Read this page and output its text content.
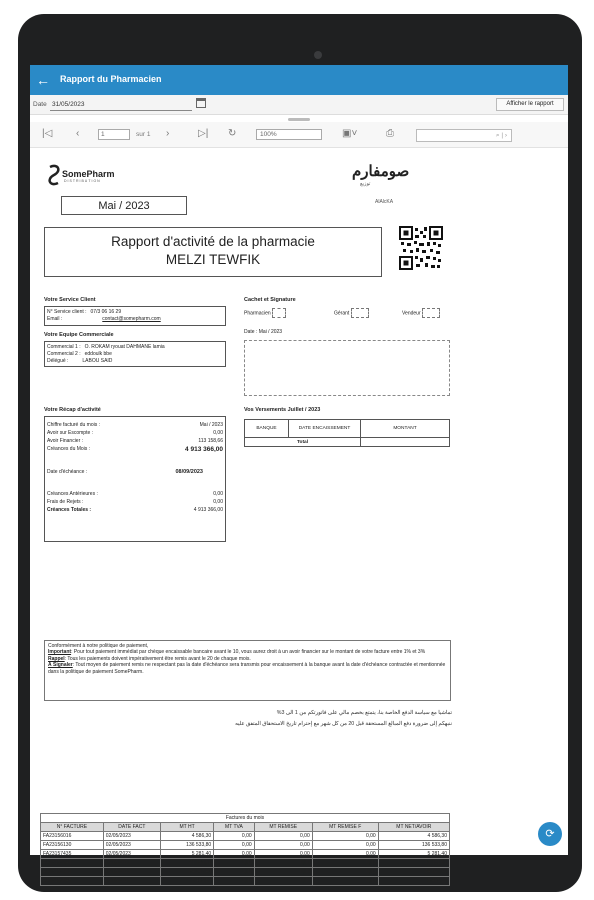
← Rapport du Pharmacien
Date 31/05/2023	Afficher le rapport
|◁ ‹	1	sur 1 ›	▷| ↻	100%	▣˅	⎙	⌕ | ›
SomePharm
DISTRIBUTION
صومفارم
توزيع
AlAlcKA
Mai / 2023
Rapport d'activité de la pharmacie
MELZI TEWFIK
Votre Service Client
N° Service client : 07/3 06 16 29
Email :	contact@somepharm.com
Votre Equipe Commerciale
Commercial 1 : O. ROKAM ryouat DAHMANE lamia
Commercial 2 : eddoulk bbe
Délégué :	LABOU SAID
Cachet et Signature
Pharmacien	Gérant	Vendeur
Date : Mai / 2023
Votre Récap d'activité
Chiffre facturé du mois :	Mai / 2023
Avoir sur Escompte :	0,00
Avoir Financier :	113 158,66
Créances du Mois :	4 913 366,00
Date d'échéance :	08/09/2023
Créances Antérieures :	0,00
Frais de Rejets :	0,00
Créances Totales :	4 913 366,00
Vos Versements Juillet / 2023
BANQUE	DATE ENCAISSEMENT	MONTANT
Total		
Conformément à notre politique de paiement,
Important: Pour tout paiement immédiat par chèque encaissable bancaire avant le 10, vous aurez droit à un avoir financier sur le montant de votre facture entre 1% et 3%
Rappel: Tous les paiements doivent impérativement être remis avant le 20 de chaque mois.
À Signaler: Tout moyen de paiement remis ne respectant pas la date d'échéance sera transmis pour encaissement à la banque avant la date d'échéance contractée et mentionnée dans la politique de paiement SomePharm.
تماشيا مع سياسة الدفع الخاصة بنا، يتمتع بخصم مالي على فاتورتكم من 1 الى 3%
ننبهكم إلى ضرورة دفع المبالغ المستحقة قبل 20 من كل شهر مع إحترام تاريخ الاستحقاق المتفق عليه
Factures du mois						
N° FACTURE	DATE FACT	MT HT	MT TVA	MT REMISE	MT REMISE F	MT NET/AVOIR
FA23156016	02/05/2023	4 586,30	0,00	0,00	0,00	4 586,30
FA23156130	02/05/2023	136 533,80	0,00	0,00	0,00	136 533,80
FA23157435	02/05/2023	5 281,40	0,00	0,00	0,00	5 281,40
FA23157640	03/05/2023	21 181,61	0,00	0,00	0,00	21 181,61
FA23157993	03/05/2023	84 067,40	0,00	0,00	0,00	84 067,40
FA23158045	03/05/2023	5 493,52	0,00	0,00	0,00	5 493,52
⟳
